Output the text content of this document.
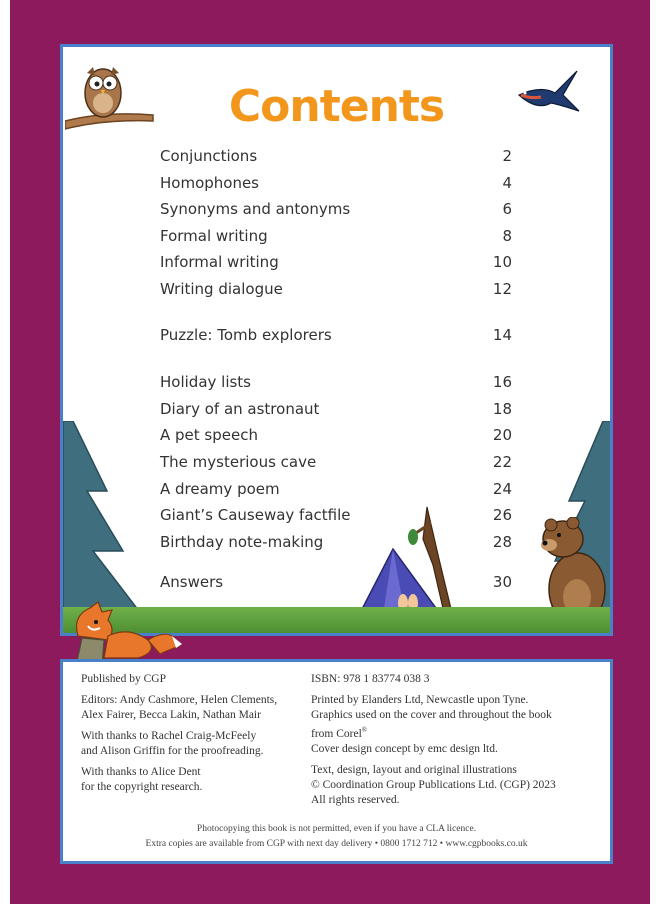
Contents
Conjunctions	2
Homophones	4
Synonyms and antonyms	6
Formal writing	8
Informal writing	10
Writing dialogue	12
Puzzle: Tomb explorers	14
Holiday lists	16
Diary of an astronaut	18
A pet speech	20
The mysterious cave	22
A dreamy poem	24
Giant’s Causeway factfile	26
Birthday note-making	28
Answers	30

Published by CGP

Editors: Andy Cashmore, Helen Clements,
Alex Fairer, Becca Lakin, Nathan Mair

With thanks to Rachel Craig-McFeely
and Alison Griffin for the proofreading.

With thanks to Alice Dent
for the copyright research.

ISBN: 978 1 83774 038 3

Printed by Elanders Ltd, Newcastle upon Tyne.
Graphics used on the cover and throughout the book
from Corel®
Cover design concept by emc design ltd.

Text, design, layout and original illustrations
© Coordination Group Publications Ltd. (CGP) 2023
All rights reserved.

Photocopying this book is not permitted, even if you have a CLA licence.
Extra copies are available from CGP with next day delivery • 0800 1712 712 • www.cgpbooks.co.uk
